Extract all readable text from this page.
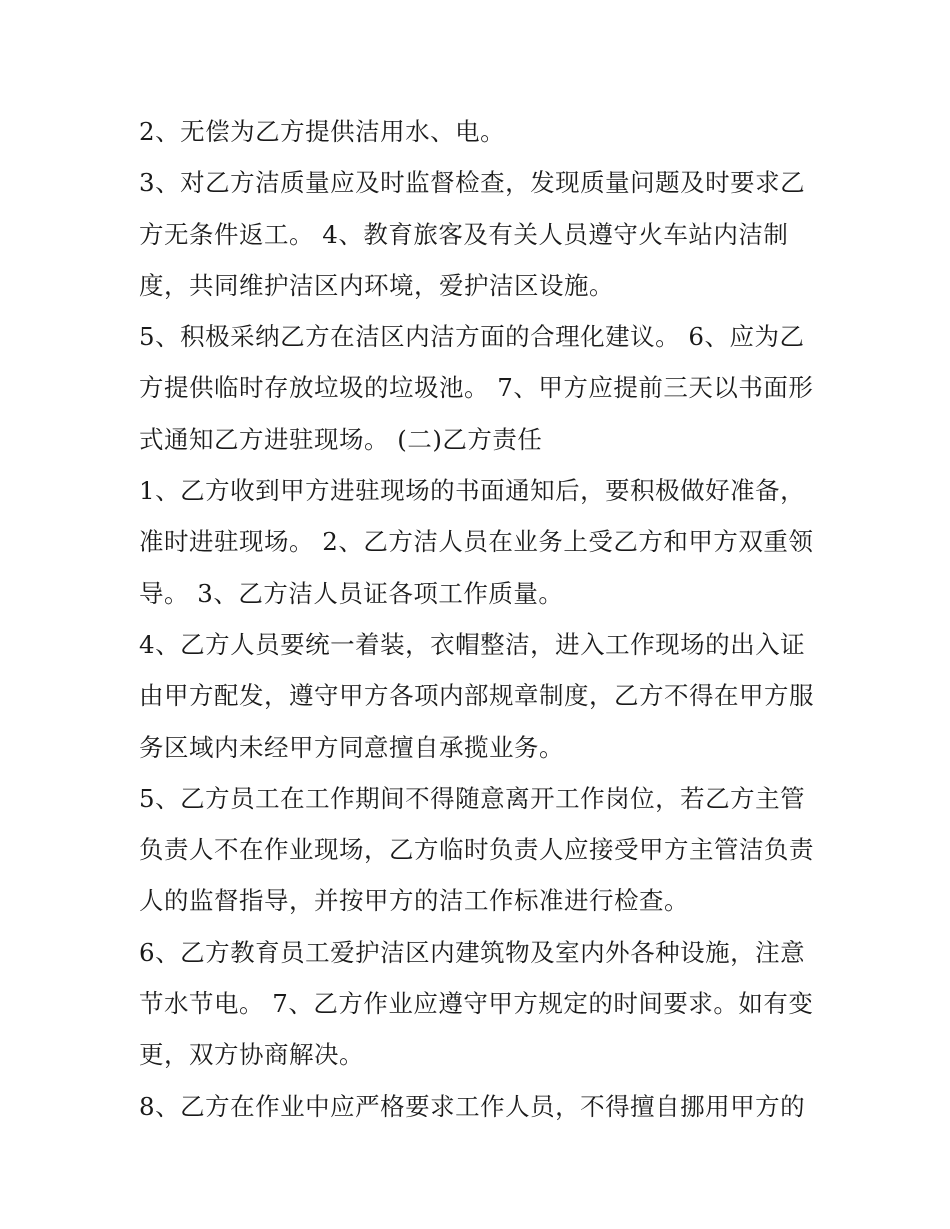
2、无偿为乙方提供洁用水、电。

3、对乙方洁质量应及时监督检查，发现质量问题及时要求乙

方无条件返工。 4、教育旅客及有关人员遵守火车站内洁制

度，共同维护洁区内环境，爱护洁区设施。

5、积极采纳乙方在洁区内洁方面的合理化建议。 6、应为乙

方提供临时存放垃圾的垃圾池。 7、甲方应提前三天以书面形

式通知乙方进驻现场。 (二)乙方责任

1、乙方收到甲方进驻现场的书面通知后，要积极做好准备，

准时进驻现场。 2、乙方洁人员在业务上受乙方和甲方双重领

导。 3、乙方洁人员证各项工作质量。

4、乙方人员要统一着装，衣帽整洁，进入工作现场的出入证

由甲方配发，遵守甲方各项内部规章制度，乙方不得在甲方服

务区域内未经甲方同意擅自承揽业务。

5、乙方员工在工作期间不得随意离开工作岗位，若乙方主管

负责人不在作业现场，乙方临时负责人应接受甲方主管洁负责

人的监督指导，并按甲方的洁工作标准进行检查。

6、乙方教育员工爱护洁区内建筑物及室内外各种设施，注意

节水节电。 7、乙方作业应遵守甲方规定的时间要求。如有变

更，双方协商解决。

8、乙方在作业中应严格要求工作人员，不得擅自挪用甲方的
